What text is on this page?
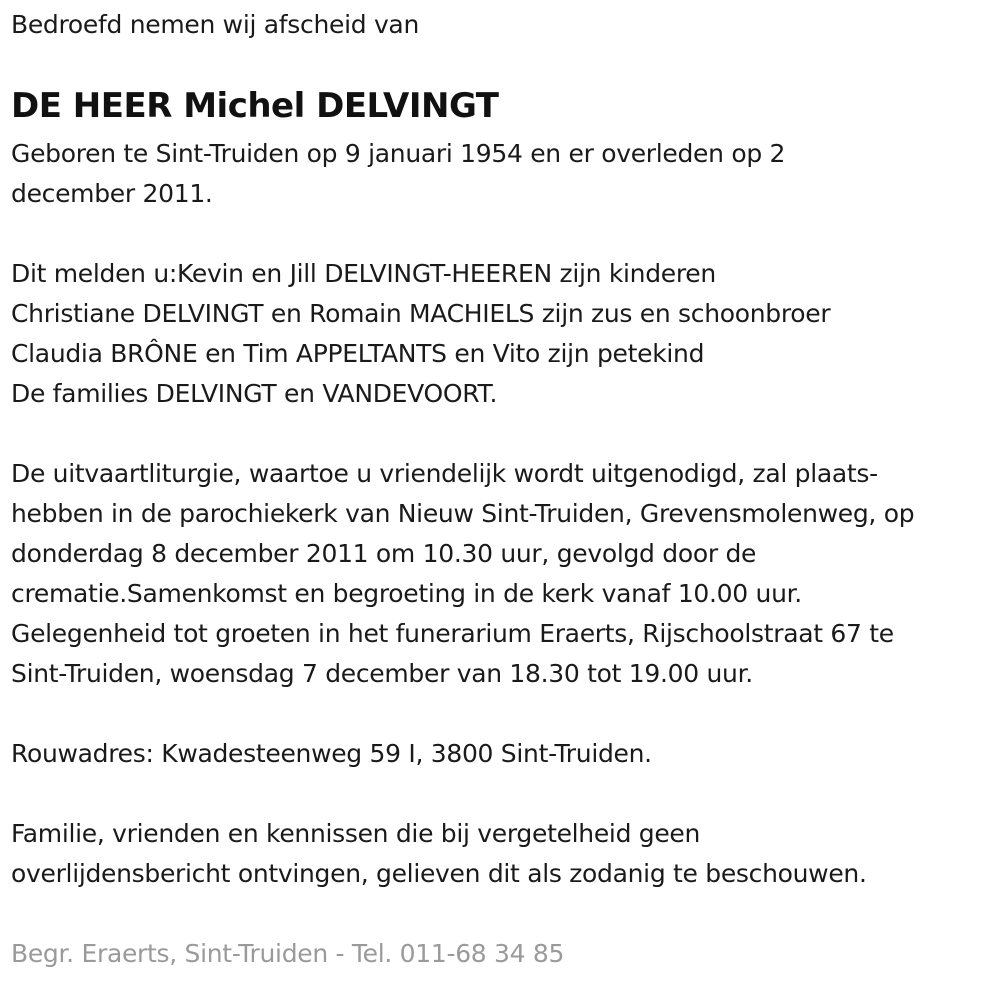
Bedroefd nemen wij afscheid van
DE HEER Michel DELVINGT
Geboren te Sint-Truiden op 9 januari 1954 en er overleden op 2
december 2011.
Dit melden u:Kevin en Jill DELVINGT-HEEREN zijn kinderen
Christiane DELVINGT en Romain MACHIELS zijn zus en schoonbroer
Claudia BRÔNE en Tim APPELTANTS en Vito zijn petekind
De families DELVINGT en VANDEVOORT.
De uitvaartliturgie, waartoe u vriendelijk wordt uitgenodigd, zal plaats-
hebben in de parochiekerk van Nieuw Sint-Truiden, Grevensmolenweg, op
donderdag 8 december 2011 om 10.30 uur, gevolgd door de
crematie.Samenkomst en begroeting in de kerk vanaf 10.00 uur.
Gelegenheid tot groeten in het funerarium Eraerts, Rijschoolstraat 67 te
Sint-Truiden, woensdag 7 december van 18.30 tot 19.00 uur.
Rouwadres: Kwadesteenweg 59 I, 3800 Sint-Truiden.
Familie, vrienden en kennissen die bij vergetelheid geen
overlijdensbericht ontvingen, gelieven dit als zodanig te beschouwen.
Begr. Eraerts, Sint-Truiden - Tel. 011-68 34 85
